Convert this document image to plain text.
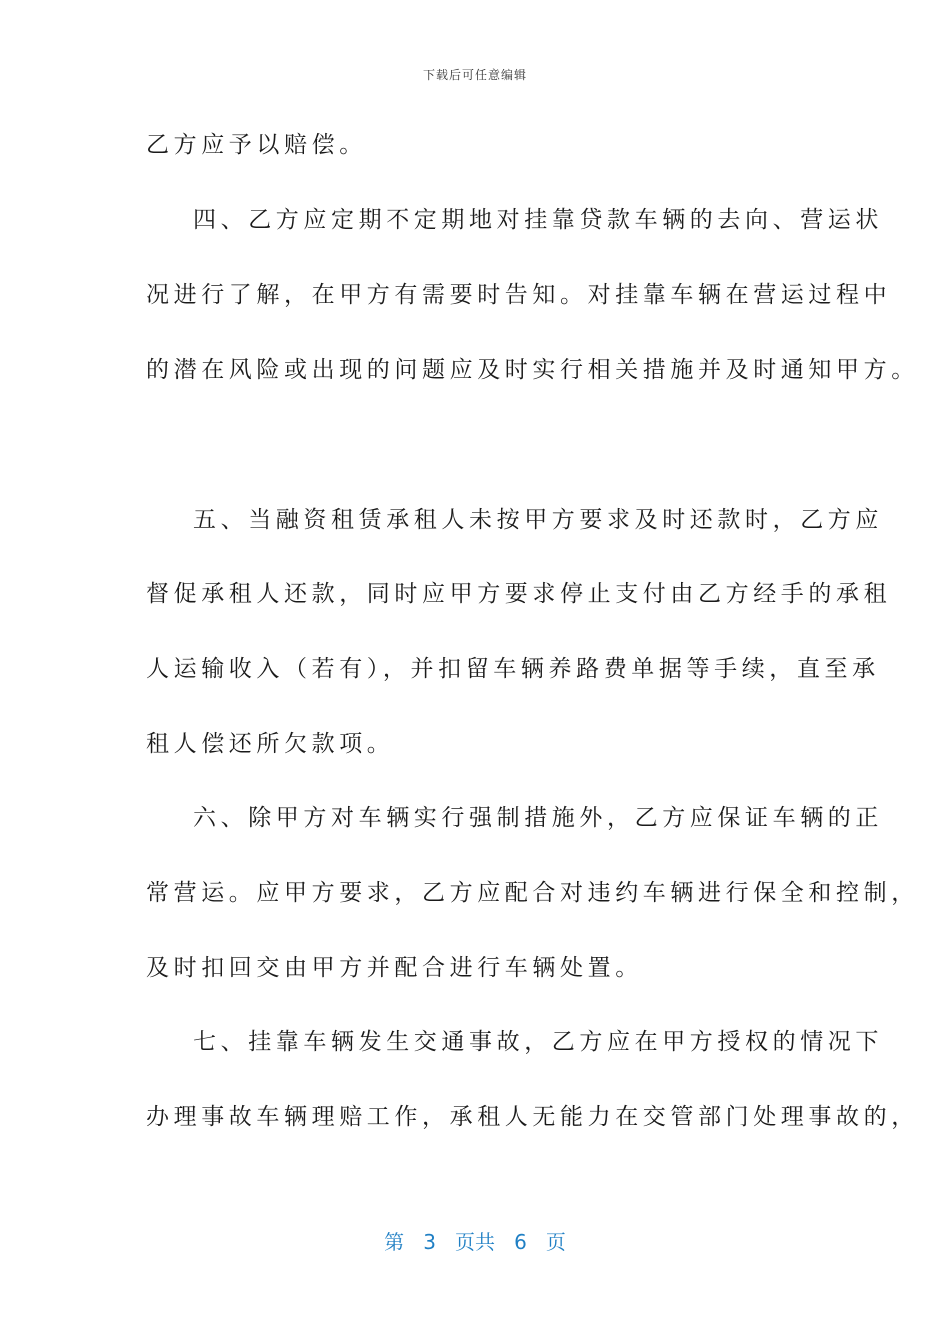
下载后可任意编辑
乙方应予以赔偿。
四、乙方应定期不定期地对挂靠贷款车辆的去向、营运状
况进行了解，在甲方有需要时告知。对挂靠车辆在营运过程中
的潜在风险或出现的问题应及时实行相关措施并及时通知甲方。
五、当融资租赁承租人未按甲方要求及时还款时，乙方应
督促承租人还款，同时应甲方要求停止支付由乙方经手的承租
人运输收入（若有），并扣留车辆养路费单据等手续，直至承
租人偿还所欠款项。
六、除甲方对车辆实行强制措施外，乙方应保证车辆的正
常营运。应甲方要求，乙方应配合对违约车辆进行保全和控制，
及时扣回交由甲方并配合进行车辆处置。
七、挂靠车辆发生交通事故，乙方应在甲方授权的情况下
办理事故车辆理赔工作，承租人无能力在交管部门处理事故的，
第 3 页共 6 页
